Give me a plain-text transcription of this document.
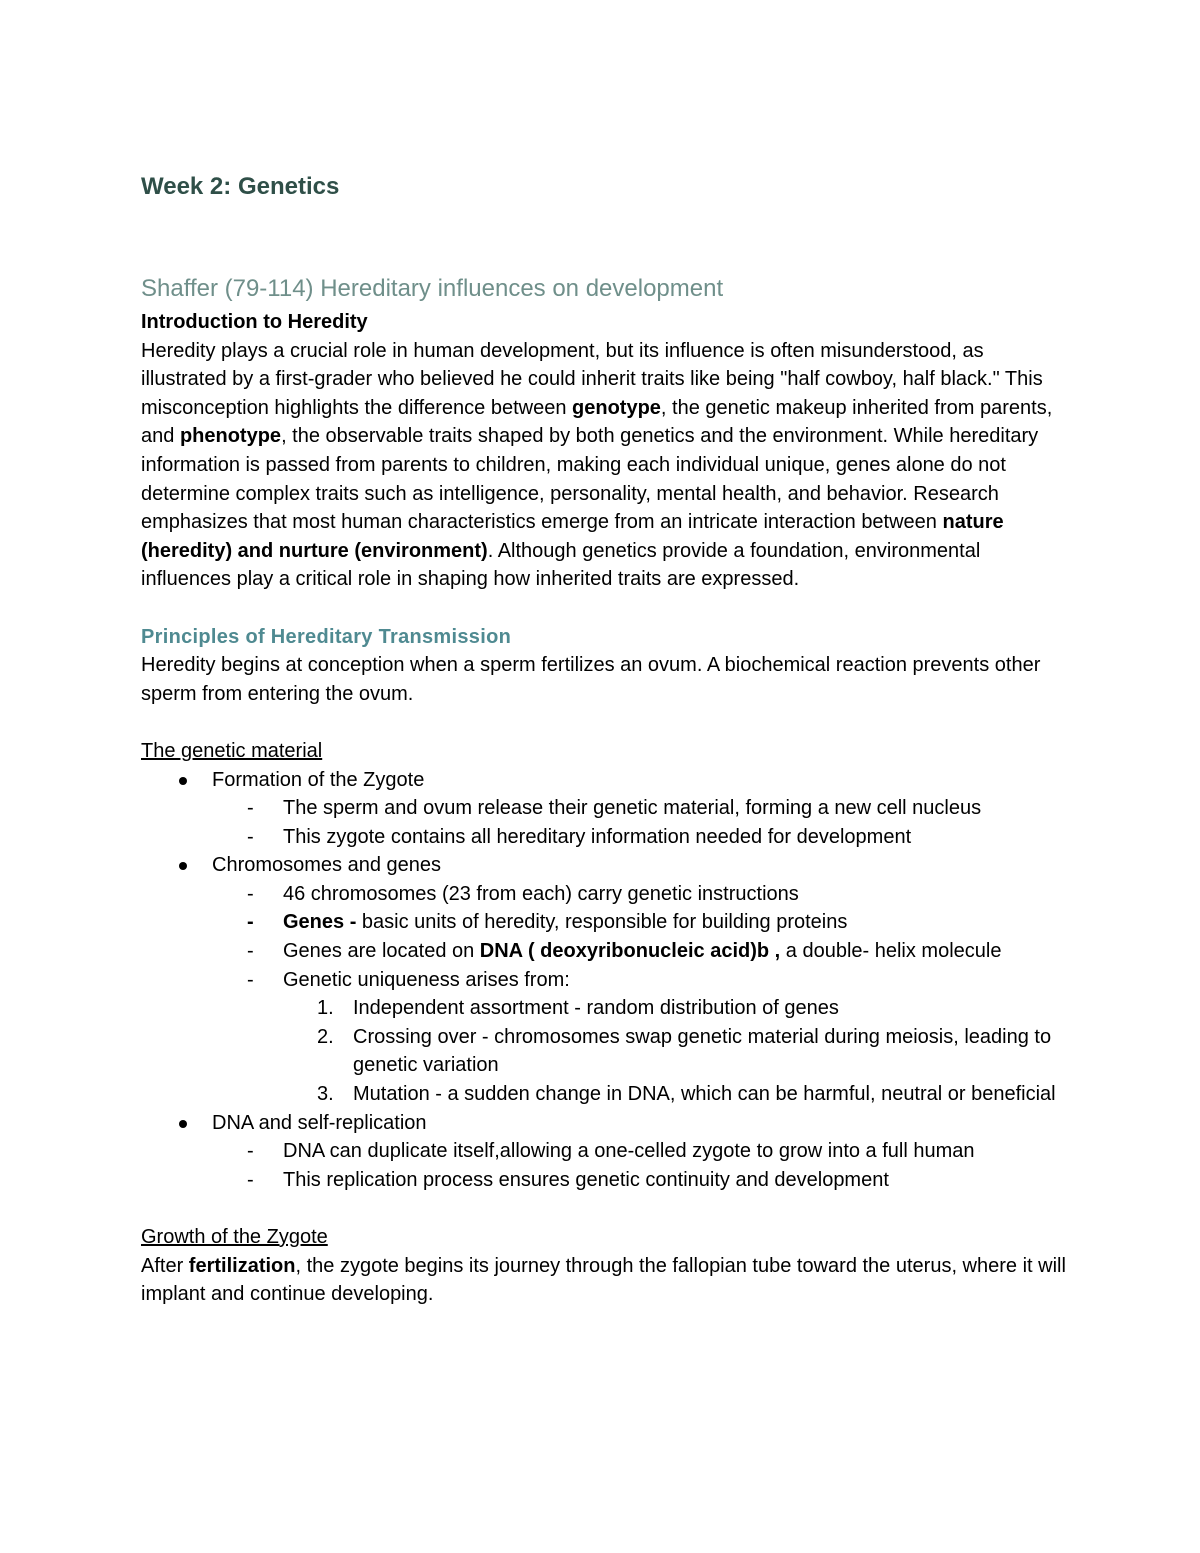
Week 2: Genetics
Shaffer (79-114) Hereditary influences on development
Introduction to Heredity

Heredity plays a crucial role in human development, but its influence is often misunderstood, as illustrated by a first-grader who believed he could inherit traits like being "half cowboy, half black." This misconception highlights the difference between genotype, the genetic makeup inherited from parents, and phenotype, the observable traits shaped by both genetics and the environment. While hereditary information is passed from parents to children, making each individual unique, genes alone do not determine complex traits such as intelligence, personality, mental health, and behavior. Research emphasizes that most human characteristics emerge from an intricate interaction between nature (heredity) and nurture (environment). Although genetics provide a foundation, environmental influences play a critical role in shaping how inherited traits are expressed.

Principles of Hereditary Transmission

Heredity begins at conception when a sperm fertilizes an ovum. A biochemical reaction prevents other sperm from entering the ovum.

The genetic material

Formation of the Zygote
- The sperm and ovum release their genetic material, forming a new cell nucleus
- This zygote contains all hereditary information needed for development
Chromosomes and genes
- 46 chromosomes (23 from each) carry genetic instructions
- Genes - basic units of heredity, responsible for building proteins
- Genes are located on DNA ( deoxyribonucleic acid)b , a double- helix molecule
- Genetic uniqueness arises from:
1. Independent assortment - random distribution of genes
2. Crossing over - chromosomes swap genetic material during meiosis, leading to genetic variation
3. Mutation - a sudden change in DNA, which can be harmful, neutral or beneficial
DNA and self-replication
- DNA can duplicate itself,allowing a one-celled zygote to grow into a full human
- This replication process ensures genetic continuity and development

Growth of the Zygote

After fertilization, the zygote begins its journey through the fallopian tube toward the uterus, where it will implant and continue developing.
